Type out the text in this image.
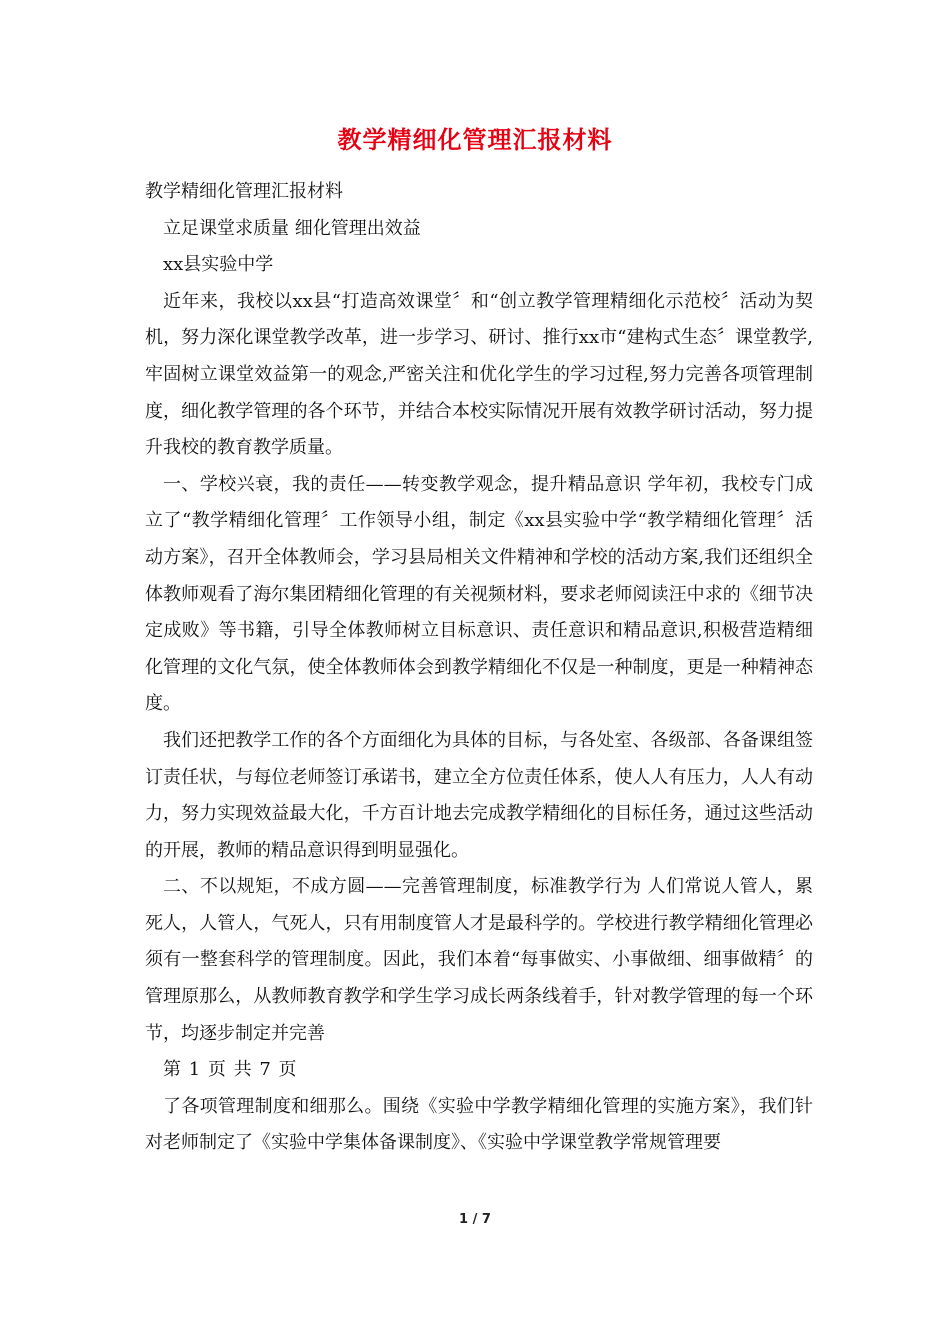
教学精细化管理汇报材料

教学精细化管理汇报材料

立足课堂求质量 细化管理出效益

xx县实验中学

近年来，我校以xx县“打造高效课堂〞和“创立教学管理精细化示范校〞活动为契机，努力深化课堂教学改革，进一步学习、研讨、推行xx市“建构式生态〞课堂教学,牢固树立课堂效益第一的观念,严密关注和优化学生的学习过程,努力完善各项管理制度，细化教学管理的各个环节，并结合本校实际情况开展有效教学研讨活动，努力提升我校的教育教学质量。

一、学校兴衰，我的责任——转变教学观念，提升精品意识 学年初，我校专门成立了“教学精细化管理〞工作领导小组，制定《xx县实验中学“教学精细化管理〞活动方案》，召开全体教师会，学习县局相关文件精神和学校的活动方案,我们还组织全体教师观看了海尔集团精细化管理的有关视频材料，要求老师阅读汪中求的《细节决定成败》等书籍，引导全体教师树立目标意识、责任意识和精品意识,积极营造精细化管理的文化气氛，使全体教师体会到教学精细化不仅是一种制度，更是一种精神态度。

我们还把教学工作的各个方面细化为具体的目标，与各处室、各级部、各备课组签订责任状，与每位老师签订承诺书，建立全方位责任体系，使人人有压力，人人有动力，努力实现效益最大化，千方百计地去完成教学精细化的目标任务，通过这些活动的开展，教师的精品意识得到明显强化。

二、不以规矩，不成方圆——完善管理制度，标准教学行为 人们常说人管人，累死人，人管人，气死人，只有用制度管人才是最科学的。学校进行教学精细化管理必须有一整套科学的管理制度。因此，我们本着“每事做实、小事做细、细事做精〞的管理原那么，从教师教育教学和学生学习成长两条线着手，针对教学管理的每一个环节，均逐步制定并完善

第 1 页 共 7 页

了各项管理制度和细那么。围绕《实验中学教学精细化管理的实施方案》，我们针对老师制定了《实验中学集体备课制度》、《实验中学课堂教学常规管理要

1 / 7
